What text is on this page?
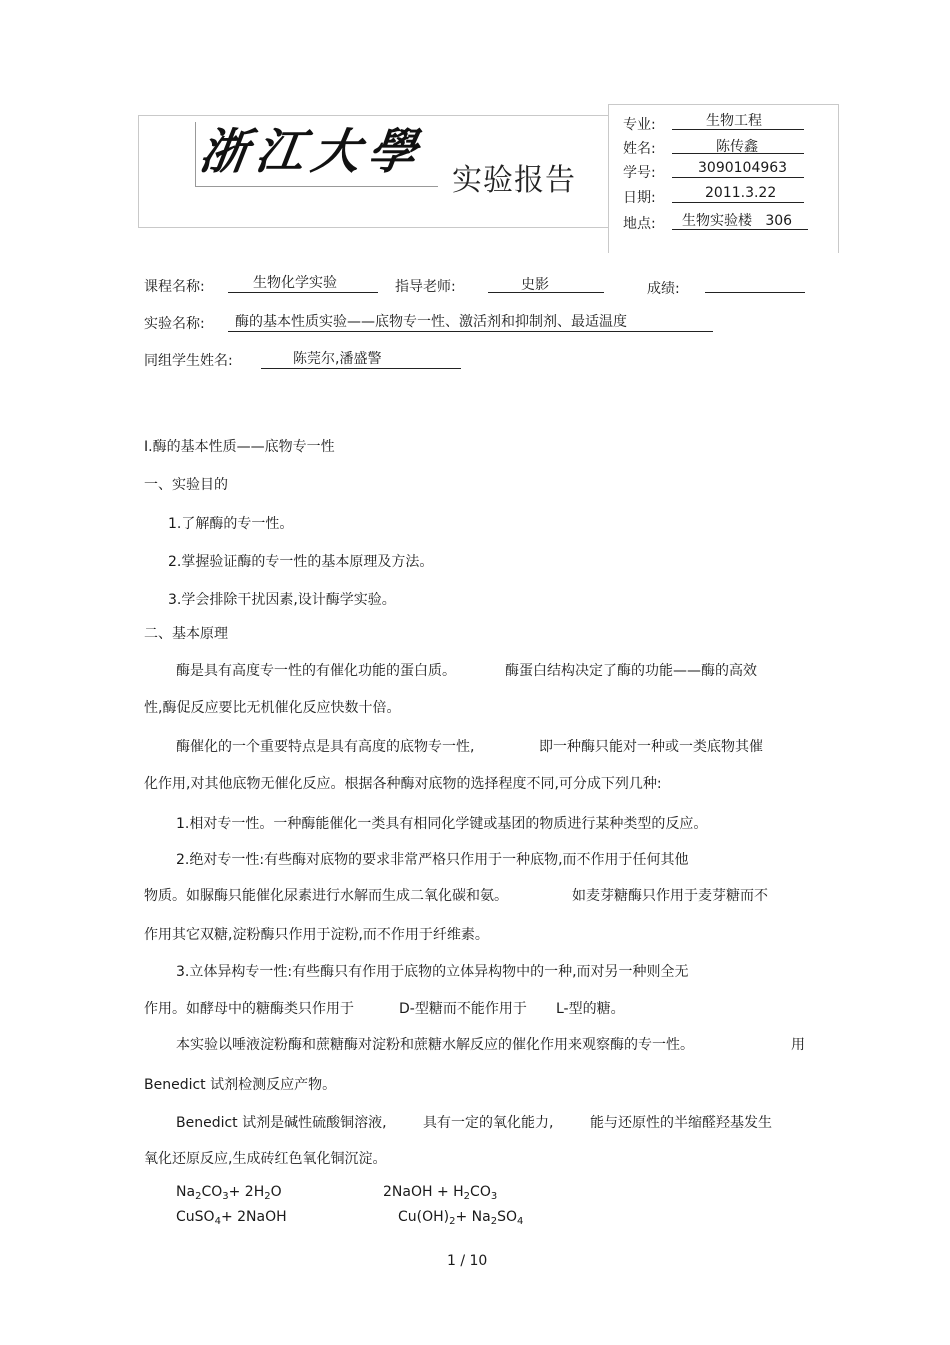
浙江大學
实验报告
专业:	生物工程
姓名:	陈传鑫
学号:	3090104963
日期:	2011.3.22
地点: 生物实验楼   306
课程名称:	生物化学实验	指导老师:	史影	成绩:
实验名称: 酶的基本性质实验——底物专一性、激活剂和抑制剂、最适温度
同组学生姓名:	陈莞尔,潘盛警
Ⅰ.酶的基本性质——底物专一性
一、实验目的
1.了解酶的专一性。
2.掌握验证酶的专一性的基本原理及方法。
3.学会排除干扰因素,设计酶学实验。
二、基本原理
酶是具有高度专一性的有催化功能的蛋白质。	酶蛋白结构决定了酶的功能——酶的高效
性,酶促反应要比无机催化反应快数十倍。
酶催化的一个重要特点是具有高度的底物专一性,	即一种酶只能对一种或一类底物其催
化作用,对其他底物无催化反应。根据各种酶对底物的选择程度不同,可分成下列几种:
1.相对专一性。一种酶能催化一类具有相同化学键或基团的物质进行某种类型的反应。
2.绝对专一性:有些酶对底物的要求非常严格只作用于一种底物,而不作用于任何其他
物质。如脲酶只能催化尿素进行水解而生成二氧化碳和氨。	如麦芽糖酶只作用于麦芽糖而不
作用其它双糖,淀粉酶只作用于淀粉,而不作用于纤维素。
3.立体异构专一性:有些酶只有作用于底物的立体异构物中的一种,而对另一种则全无
作用。如酵母中的糖酶类只作用于	D-型糖而不能作用于 L-型的糖。
本实验以唾液淀粉酶和蔗糖酶对淀粉和蔗糖水解反应的催化作用来观察酶的专一性。	用
Benedict 试剂检测反应产物。
Benedict 试剂是碱性硫酸铜溶液,	具有一定的氧化能力,	能与还原性的半缩醛羟基发生
氧化还原反应,生成砖红色氧化铜沉淀。
$Na_2CO_3+ 2H_2O$	2NaOH + $H_2CO_3$
CuSO$_4$+ 2NaOH	$Cu(OH)_2+ Na_2SO_4$
1 / 10
